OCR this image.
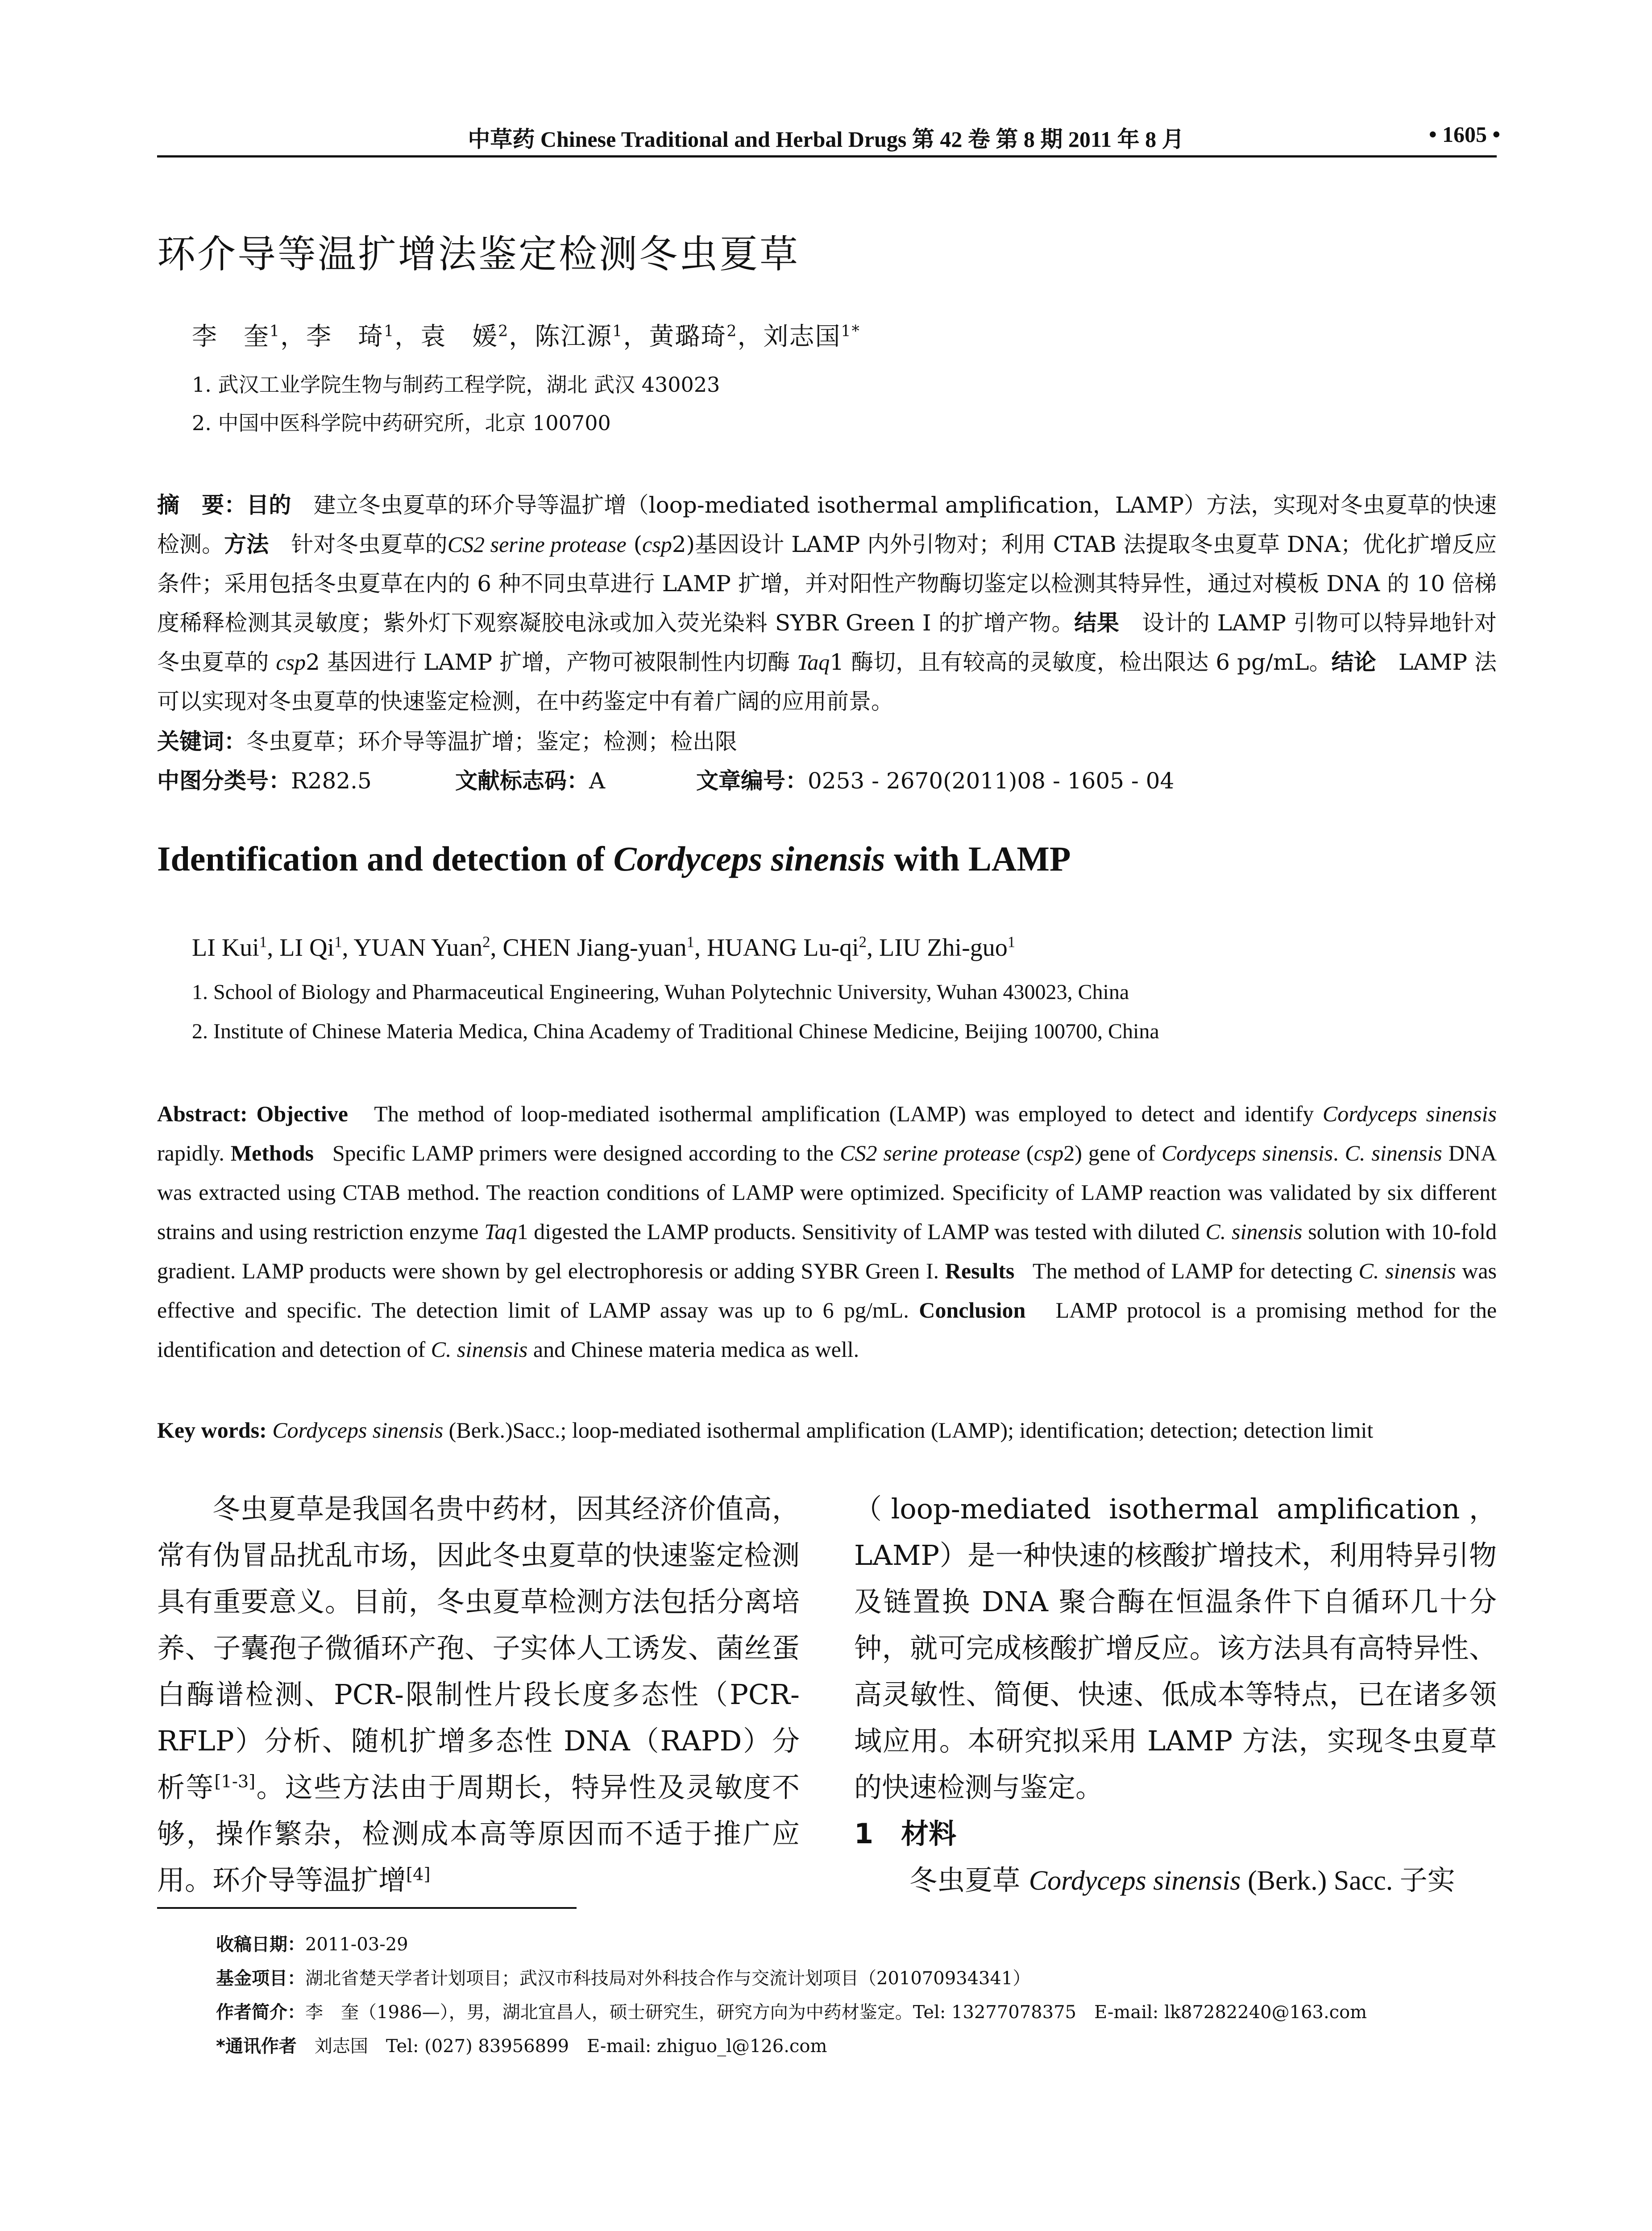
中草药 Chinese Traditional and Herbal Drugs 第 42 卷 第 8 期 2011 年 8 月	• 1605 •
环介导等温扩增法鉴定检测冬虫夏草
李　奎$^1$，李　琦$^1$，袁　媛$^2$，陈江源$^1$，黄璐琦$^2$，刘志国$^{1*}$
1. 武汉工业学院生物与制药工程学院，湖北 武汉 430023
2. 中国中医科学院中药研究所，北京 100700
摘　要：目的　 建立冬虫夏草的环介导等温扩增（loop-mediated isothermal amplification，LAMP）方法，实现对冬虫夏草的快速检测。方法　 针对冬虫夏草的CS2 serine protease (csp2)基因设计 LAMP 内外引物对；利用 CTAB 法提取冬虫夏草 DNA；优化扩增反应条件；采用包括冬虫夏草在内的 6 种不同虫草进行 LAMP 扩增，并对阳性产物酶切鉴定以检测其特异性，通过对模板 DNA 的 10 倍梯度稀释检测其灵敏度；紫外灯下观察凝胶电泳或加入荧光染料 SYBR Green I 的扩增产物。结果　 设计的 LAMP 引物可以特异地针对冬虫夏草的 csp2 基因进行 LAMP 扩增，产物可被限制性内切酶 Taq1 酶切，且有较高的灵敏度，检出限达 6 pg/mL。结论　 LAMP 法可以实现对冬虫夏草的快速鉴定检测，在中药鉴定中有着广阔的应用前景。
关键词：冬虫夏草；环介导等温扩增；鉴定；检测；检出限
中图分类号：R282.5	文献标志码：A	文章编号：0253 - 2670(2011)08 - 1605 - 04
Identification and detection of Cordyceps sinensis with LAMP
LI Kui$^1$, LI Qi$^1$, YUAN Yuan$^2$, CHEN Jiang-yuan$^1$, HUANG $Lu-qi^2$, LIU Zhi-guo$^1$
1. School of Biology and Pharmaceutical Engineering, Wuhan Polytechnic University, Wuhan 430023, China
2. Institute of Chinese Materia Medica, China Academy of Traditional Chinese Medicine, Beijing 100700, China
Abstract: Objective The method of loop-mediated isothermal amplification (LAMP) was employed to detect and identify Cordyceps sinensis rapidly. Methods Specific LAMP primers were designed according to the CS2 serine protease (csp2) gene of Cordyceps sinensis. C. sinensis DNA was extracted using CTAB method. The reaction conditions of LAMP were optimized. Specificity of LAMP reaction was validated by six different strains and using restriction enzyme Taq1 digested the LAMP products. Sensitivity of LAMP was tested with diluted C. sinensis solution with 10-fold gradient. LAMP products were shown by gel electrophoresis or adding SYBR Green I. Results The method of LAMP for detecting C. sinensis was effective and specific. The detection limit of LAMP assay was up to 6 pg/mL. Conclusion LAMP protocol is a promising method for the identification and detection of C. sinensis and Chinese materia medica as well.
Key words: Cordyceps sinensis (Berk.)Sacc.; loop-mediated isothermal amplification (LAMP); identification; detection; detection limit
冬虫夏草是我国名贵中药材，因其经济价值高，常有伪冒品扰乱市场，因此冬虫夏草的快速鉴定检测具有重要意义。目前，冬虫夏草检测方法包括分离培养、子囊孢子微循环产孢、子实体人工诱发、菌丝蛋白酶谱检测、PCR-限制性片段长度多态性（PCR-RFLP）分析、随机扩增多态性 DNA（RAPD）分析等[1-3]。这些方法由于周期长，特异性及灵敏度不够，操作繁杂，检测成本高等原因而不适于推广应用。环介导等温扩增[4]
（loop-mediated isothermal amplification，LAMP）是一种快速的核酸扩增技术，利用特异引物及链置换 DNA 聚合酶在恒温条件下自循环几十分钟，就可完成核酸扩增反应。该方法具有高特异性、高灵敏性、简便、快速、低成本等特点，已在诸多领域应用。本研究拟采用 LAMP 方法，实现冬虫夏草的快速检测与鉴定。
1　材料
冬虫夏草 Cordyceps sinensis (Berk.) Sacc. 子实
收稿日期：2011-03-29
基金项目：湖北省楚天学者计划项目；武汉市科技局对外科技合作与交流计划项目（201070934341）
作者简介：李　奎（1986—），男，湖北宜昌人，硕士研究生，研究方向为中药材鉴定。Tel: 13277078375　E-mail: lk87282240@163.com
*通讯作者　 刘志国　Tel: (027) 83956899　E-mail: zhiguo_l@126.com
